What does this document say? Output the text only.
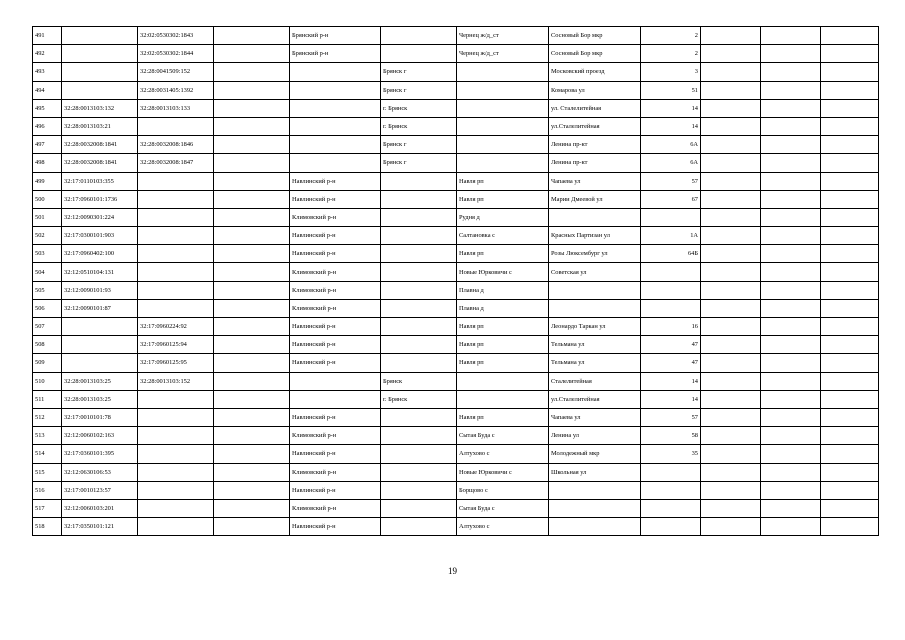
491		32:02:0530302:1843		Брянский р-н		Чернец ж/д_ст	Сосновый Бор мкр	2			
492		32:02:0530302:1844		Брянский р-н		Чернец ж/д_ст	Сосновый Бор мкр	2			
493		32:28:0041509:152			Брянск г		Московский проезд	3			
494		32:28:0031405:1392			Брянск г		Комарова ул	51			
495	32:28:0013103:132	32:28:0013103:133			г. Брянск		ул. Сталелитейная	14			
496	32:28:0013103:21				г. Брянск		ул.Сталелитейная	14			
497	32:28:0032008:1841	32:28:0032008:1846			Брянск г		Ленина пр-кт	6А			
498	32:28:0032008:1841	32:28:0032008:1847			Брянск г		Ленина пр-кт	6А			
499	32:17:0110103:355			Навлинский р-н		Навля рп	Чапаева ул	57			
500	32:17:0960101:1736			Навлинский р-н		Навля рп	Марии Дмеевой ул	67			
501	32:12:0090301:224			Климовский р-н		Рудня д					
502	32:17:0300101:903			Навлинский р-н		Салтановка с	Красных Партизан ул	1А			
503	32:17:0960402:100			Навлинский р-н		Навля рп	Розы Люксембург ул	64Б			
504	32:12:0510104:131			Климовский р-н		Новые Юрковичи с	Советская ул				
505	32:12:0090101:93			Климовский р-н		Плавна д					
506	32:12:0090101:87			Климовский р-н		Плавна д					
507		32:17:0960224:92		Навлинский р-н		Навля рп	Леонардо Таркан ул	16			
508		32:17:0960125:94		Навлинский р-н		Навля рп	Тельмана ул	47			
509		32:17:0960125:95		Навлинский р-н		Навля рп	Тельмана ул	47			
510	32:28:0013103:25	32:28:0013103:152			Брянск		Сталелитейная	14			
511	32:28:0013103:25				г. Брянск		ул.Сталелитейная	14			
512	32:17:0010101:78			Навлинский р-н		Навля рп	Чапаева ул	57			
513	32:12:0060102:163			Климовский р-н		Сытая Буда с	Ленина ул	58			
514	32:17:0360101:395			Навлинский р-н		Алтухово с	Молодежный мкр	35			
515	32:12:0630106:53			Климовский р-н		Новые Юрковичи с	Школьная ул				
516	32:17:0010123:57			Навлинский р-н		Борщово с					
517	32:12:0060103:201			Климовский р-н		Сытая Буда с					
518	32:17:0350101:121			Навлинский р-н		Алтухово с					
19
